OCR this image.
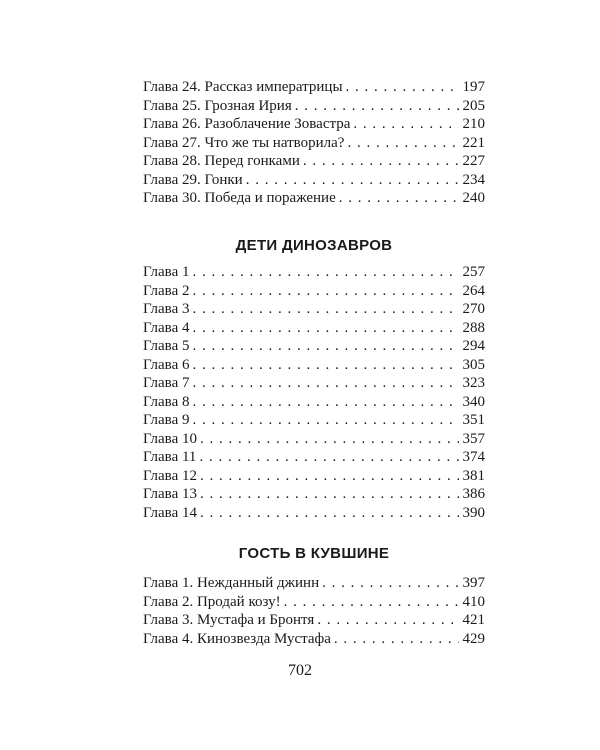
Глава 24. Рассказ императрицы . . .	197
Глава 25. Грозная Ирия . . .	205
Глава 26. Разоблачение Зовастра . . .	210
Глава 27. Что же ты натворила? . . .	221
Глава 28. Перед гонками . . .	227
Глава 29. Гонки . . .	234
Глава 30. Победа и поражение . . .	240
ДЕТИ ДИНОЗАВРОВ
Глава 1 . . .	257
Глава 2 . . .	264
Глава 3 . . .	270
Глава 4 . . .	288
Глава 5 . . .	294
Глава 6 . . .	305
Глава 7 . . .	323
Глава 8 . . .	340
Глава 9 . . .	351
Глава 10 . . .	357
Глава 11 . . .	374
Глава 12 . . .	381
Глава 13 . . .	386
Глава 14 . . .	390
ГОСТЬ В КУВШИНЕ
Глава 1. Нежданный джинн . . .	397
Глава 2. Продай козу! . . .	410
Глава 3. Мустафа и Бронтя . . .	421
Глава 4. Кинозвезда Мустафа . . .	429
702
